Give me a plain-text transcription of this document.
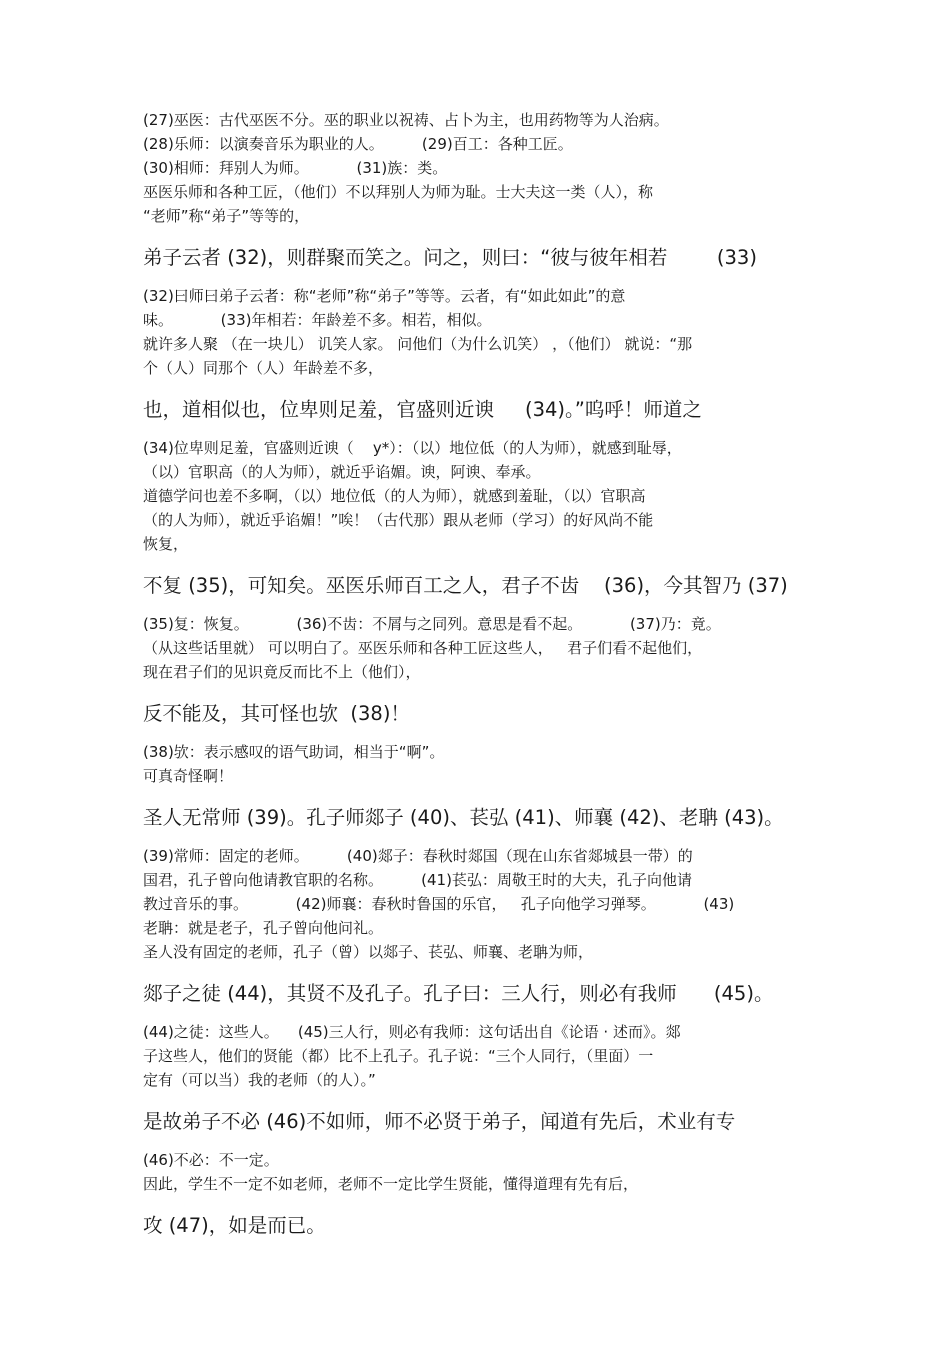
(27)巫医：古代巫医不分。巫的职业以祝祷、占卜为主，也用药物等为人治病。

(28)乐师：以演奏音乐为职业的人。        (29)百工：各种工匠。

(30)相师：拜别人为师。          (31)族：类。

巫医乐师和各种工匠，（他们）不以拜别人为师为耻。士大夫这一类（人），称
“老师”称“弟子”等等的，

弟子云者 (32)，则群聚而笑之。问之，则曰：“彼与彼年相若        (33)

(32)曰师曰弟子云者：称“老师”称“弟子”等等。云者，有“如此如此”的意
味。          (33)年相若：年龄差不多。相若，相似。

就许多人聚 （在一块儿） 讥笑人家。 问他们（为什么讥笑） ，（他们） 就说：“那
个（人）同那个（人）年龄差不多，

也，道相似也，位卑则足羞，官盛则近谀     (34)。”呜呼！师道之

(34)位卑则足羞，官盛则近谀（    y*）：（以）地位低（的人为师），就感到耻辱，
（以）官职高（的人为师），就近乎谄媚。谀，阿谀、奉承。

道德学问也差不多啊，（以）地位低（的人为师），就感到羞耻，（以）官职高
（的人为师），就近乎谄媚！”唉！（古代那）跟从老师（学习）的好风尚不能
恢复，

不复 (35)，可知矣。巫医乐师百工之人，君子不齿    (36)，今其智乃 (37)

(35)复：恢复。          (36)不齿：不屑与之同列。意思是看不起。          (37)乃：竟。

（从这些话里就） 可以明白了。巫医乐师和各种工匠这些人，   君子们看不起他们，
现在君子们的见识竟反而比不上（他们），

反不能及，其可怪也欤  (38)！

(38)欤：表示感叹的语气助词，相当于“啊”。

可真奇怪啊！

圣人无常师 (39)。孔子师郯子 (40)、苌弘 (41)、师襄 (42)、老聃 (43)。

(39)常师：固定的老师。        (40)郯子：春秋时郯国（现在山东省郯城县一带）的
国君，孔子曾向他请教官职的名称。        (41)苌弘：周敬王时的大夫，孔子向他请
教过音乐的事。          (42)师襄：春秋时鲁国的乐官，   孔子向他学习弹琴。          (43)
老聃：就是老子，孔子曾向他问礼。

圣人没有固定的老师，孔子（曾）以郯子、苌弘、师襄、老聃为师，

郯子之徒 (44)，其贤不及孔子。孔子曰：三人行，则必有我师      (45)。

(44)之徒：这些人。    (45)三人行，则必有我师：这句话出自《论语 · 述而》。郯
子这些人，他们的贤能（都）比不上孔子。孔子说：“三个人同行，（里面）一
定有（可以当）我的老师（的人）。”

是故弟子不必 (46)不如师，师不必贤于弟子，闻道有先后，术业有专

(46)不必：不一定。

因此，学生不一定不如老师，老师不一定比学生贤能，懂得道理有先有后，

攻 (47)，如是而已。
